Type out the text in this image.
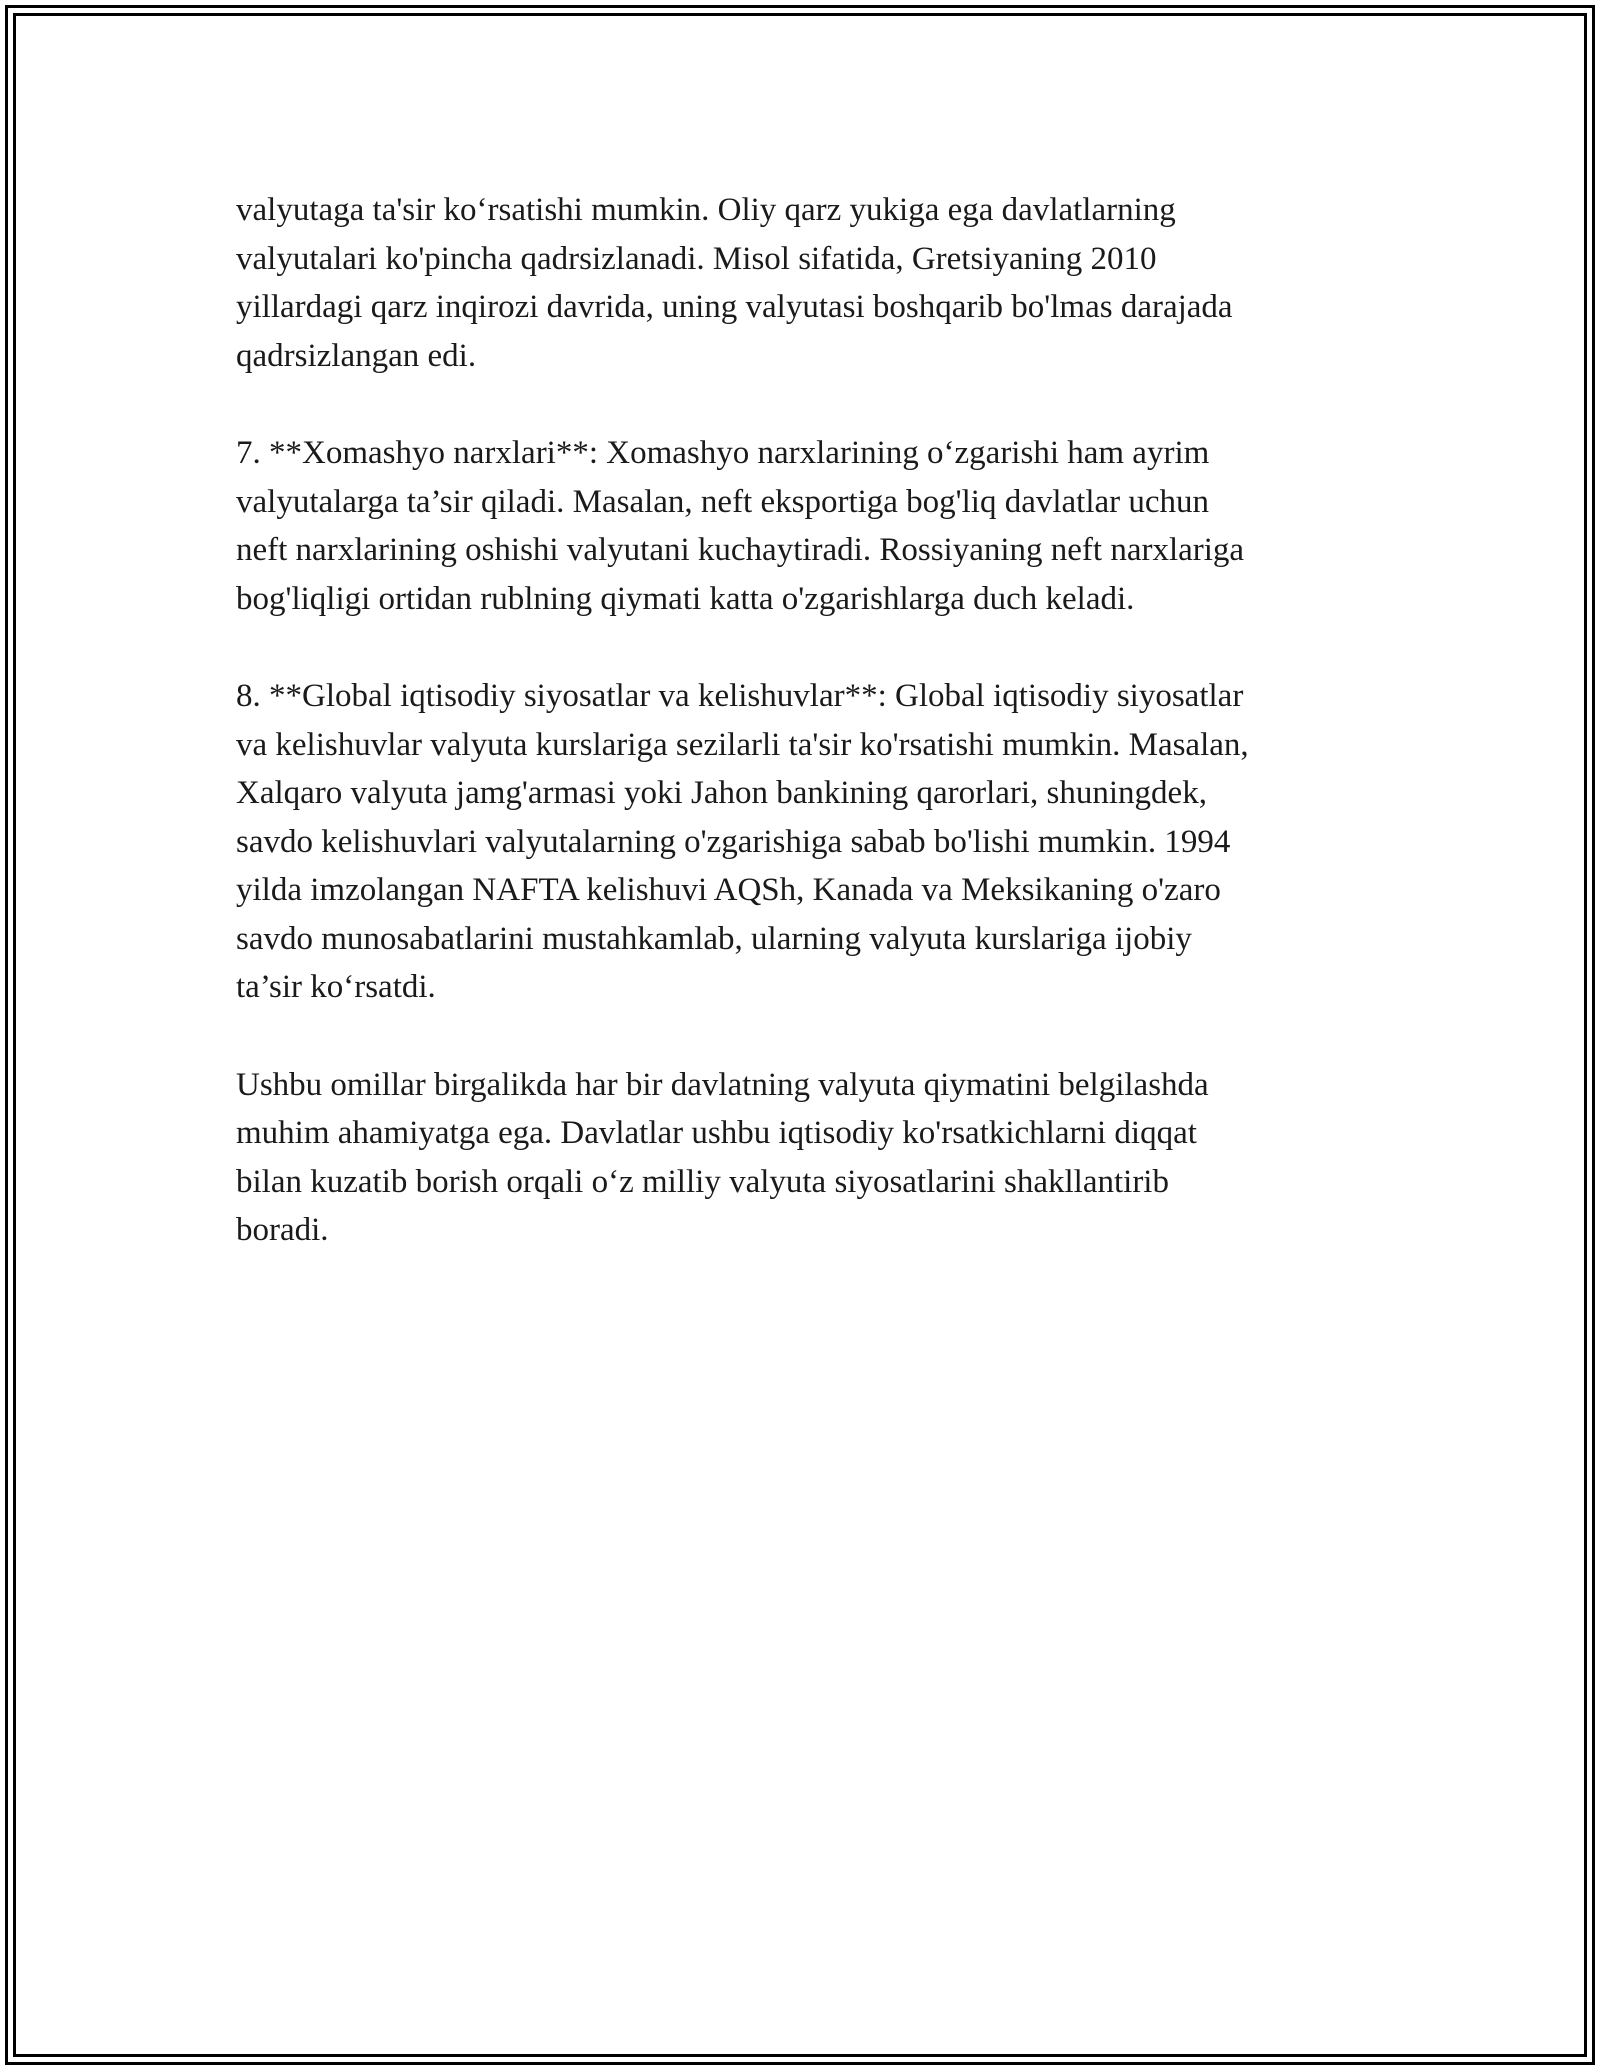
valyutaga ta'sir ko‘rsatishi mumkin. Oliy qarz yukiga ega davlatlarning
valyutalari ko'pincha qadrsizlanadi. Misol sifatida, Gretsiyaning 2010
yillardagi qarz inqirozi davrida, uning valyutasi boshqarib bo'lmas darajada
qadrsizlangan edi.

7. **Xomashyo narxlari**: Xomashyo narxlarining o‘zgarishi ham ayrim
valyutalarga ta’sir qiladi. Masalan, neft eksportiga bog'liq davlatlar uchun
neft narxlarining oshishi valyutani kuchaytiradi. Rossiyaning neft narxlariga
bog'liqligi ortidan rublning qiymati katta o'zgarishlarga duch keladi.

8. **Global iqtisodiy siyosatlar va kelishuvlar**: Global iqtisodiy siyosatlar
va kelishuvlar valyuta kurslariga sezilarli ta'sir ko'rsatishi mumkin. Masalan,
Xalqaro valyuta jamg'armasi yoki Jahon bankining qarorlari, shuningdek,
savdo kelishuvlari valyutalarning o'zgarishiga sabab bo'lishi mumkin. 1994
yilda imzolangan NAFTA kelishuvi AQSh, Kanada va Meksikaning o'zaro
savdo munosabatlarini mustahkamlab, ularning valyuta kurslariga ijobiy
ta’sir ko‘rsatdi.

Ushbu omillar birgalikda har bir davlatning valyuta qiymatini belgilashda
muhim ahamiyatga ega. Davlatlar ushbu iqtisodiy ko'rsatkichlarni diqqat
bilan kuzatib borish orqali o‘z milliy valyuta siyosatlarini shakllantirib
boradi.
